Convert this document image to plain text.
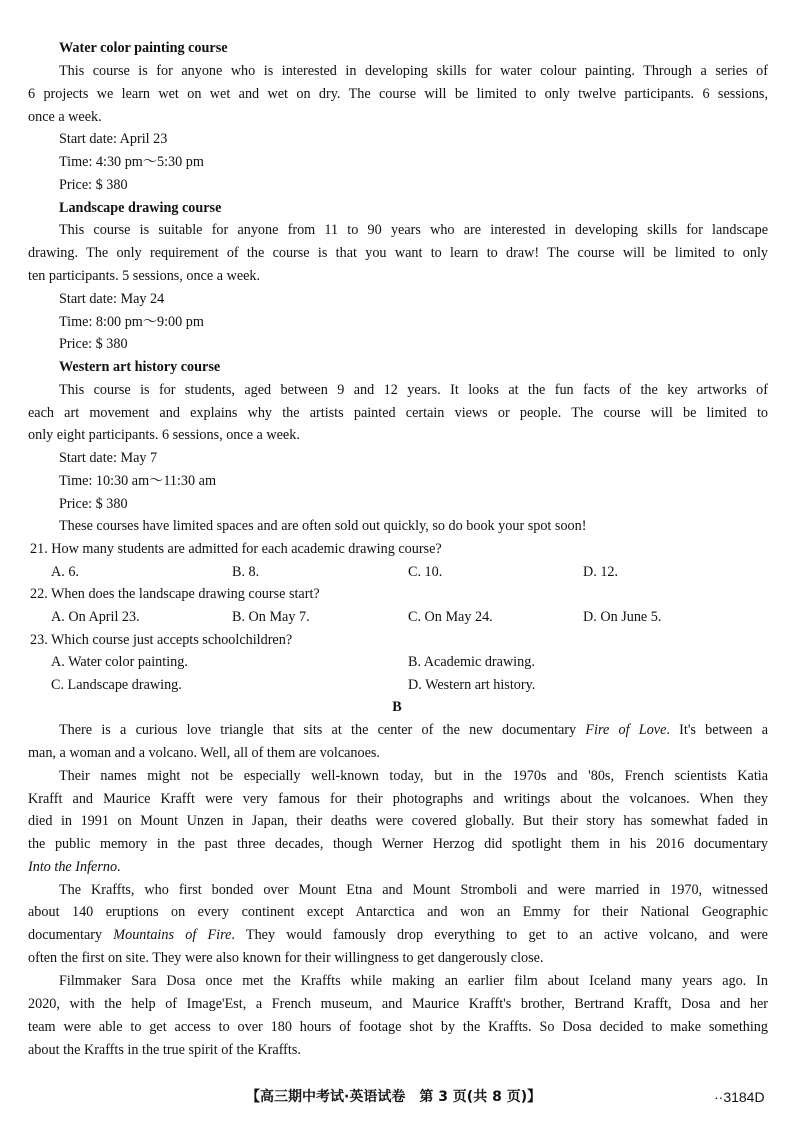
Water color painting course
This course is for anyone who is interested in developing skills for water colour painting. Through a series of
6 projects we learn wet on wet and wet on dry. The course will be limited to only twelve participants. 6 sessions,
once a week.
Start date: April 23
Time: 4:30 pm～5:30 pm
Price: $ 380
Landscape drawing course
This course is suitable for anyone from 11 to 90 years who are interested in developing skills for landscape
drawing. The only requirement of the course is that you want to learn to draw! The course will be limited to only
ten participants. 5 sessions, once a week.
Start date: May 24
Time: 8:00 pm～9:00 pm
Price: $ 380
Western art history course
This course is for students, aged between 9 and 12 years. It looks at the fun facts of the key artworks of
each art movement and explains why the artists painted certain views or people. The course will be limited to
only eight participants. 6 sessions, once a week.
Start date: May 7
Time: 10:30 am～11:30 am
Price: $ 380
These courses have limited spaces and are often sold out quickly, so do book your spot soon!
21. How many students are admitted for each academic drawing course?
A. 6.	B. 8.	C. 10.	D. 12.
22. When does the landscape drawing course start?
A. On April 23.	B. On May 7.	C. On May 24.	D. On June 5.
23. Which course just accepts schoolchildren?
A. Water color painting.	B. Academic drawing.
C. Landscape drawing.	D. Western art history.
B
There is a curious love triangle that sits at the center of the new documentary Fire of Love. It's between a
man, a woman and a volcano. Well, all of them are volcanoes.
Their names might not be especially well-known today, but in the 1970s and '80s, French scientists Katia
Krafft and Maurice Krafft were very famous for their photographs and writings about the volcanoes. When they
died in 1991 on Mount Unzen in Japan, their deaths were covered globally. But their story has somewhat faded in
the public memory in the past three decades, though Werner Herzog did spotlight them in his 2016 documentary
Into the Inferno.
The Kraffts, who first bonded over Mount Etna and Mount Stromboli and were married in 1970, witnessed
about 140 eruptions on every continent except Antarctica and won an Emmy for their National Geographic
documentary Mountains of Fire. They would famously drop everything to get to an active volcano, and were
often the first on site. They were also known for their willingness to get dangerously close.
Filmmaker Sara Dosa once met the Kraffts while making an earlier film about Iceland many years ago. In
2020, with the help of Image'Est, a French museum, and Maurice Krafft's brother, Bertrand Krafft, Dosa and her
team were able to get access to over 180 hours of footage shot by the Kraffts. So Dosa decided to make something
about the Kraffts in the true spirit of the Kraffts.
【高三期中考试·英语试卷　第 3 页(共 8 页)】	··3184D
